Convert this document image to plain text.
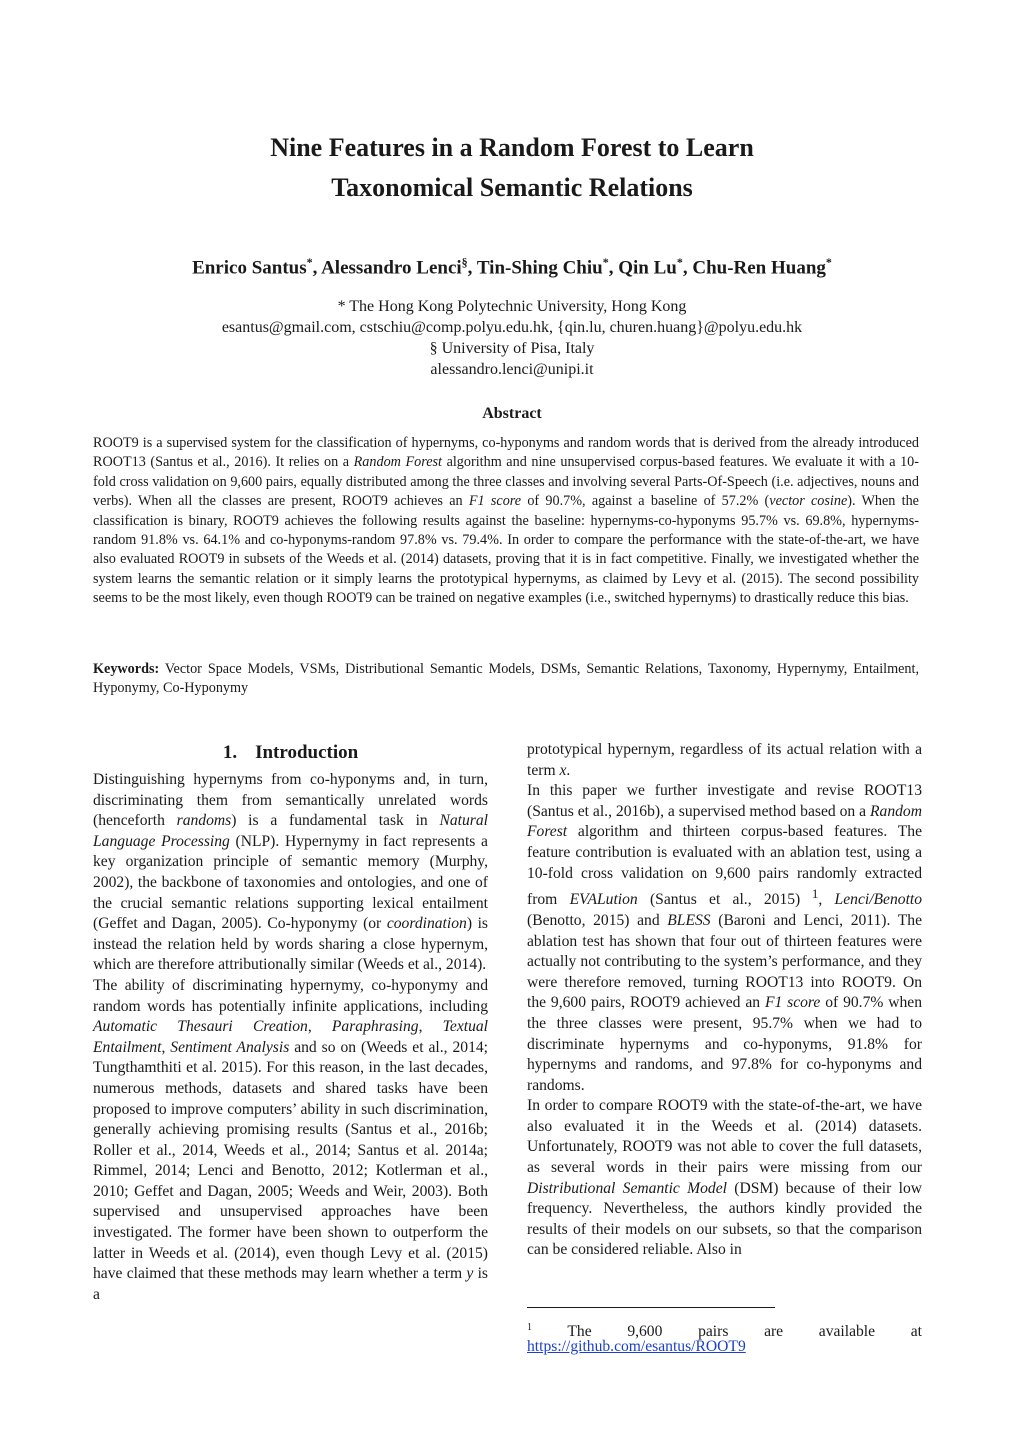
Nine Features in a Random Forest to Learn
Taxonomical Semantic Relations
Enrico Santus*, Alessandro Lenci§, Tin-Shing Chiu*, Qin Lu*, Chu-Ren Huang*
* The Hong Kong Polytechnic University, Hong Kong
esantus@gmail.com, cstschiu@comp.polyu.edu.hk, {qin.lu, churen.huang}@polyu.edu.hk
§ University of Pisa, Italy
alessandro.lenci@unipi.it
Abstract
ROOT9 is a supervised system for the classification of hypernyms, co-hyponyms and random words that is derived from the already introduced ROOT13 (Santus et al., 2016). It relies on a Random Forest algorithm and nine unsupervised corpus-based features. We evaluate it with a 10-fold cross validation on 9,600 pairs, equally distributed among the three classes and involving several Parts-Of-Speech (i.e. adjectives, nouns and verbs). When all the classes are present, ROOT9 achieves an F1 score of 90.7%, against a baseline of 57.2% (vector cosine). When the classification is binary, ROOT9 achieves the following results against the baseline: hypernyms-co-hyponyms 95.7% vs. 69.8%, hypernyms-random 91.8% vs. 64.1% and co-hyponyms-random 97.8% vs. 79.4%. In order to compare the performance with the state-of-the-art, we have also evaluated ROOT9 in subsets of the Weeds et al. (2014) datasets, proving that it is in fact competitive. Finally, we investigated whether the system learns the semantic relation or it simply learns the prototypical hypernyms, as claimed by Levy et al. (2015). The second possibility seems to be the most likely, even though ROOT9 can be trained on negative examples (i.e., switched hypernyms) to drastically reduce this bias.
Keywords: Vector Space Models, VSMs, Distributional Semantic Models, DSMs, Semantic Relations, Taxonomy, Hypernymy, Entailment, Hyponymy, Co-Hyponymy
1. Introduction

Distinguishing hypernyms from co-hyponyms and, in turn, discriminating them from semantically unrelated words (henceforth randoms) is a fundamental task in Natural Language Processing (NLP). Hypernymy in fact represents a key organization principle of semantic memory (Murphy, 2002), the backbone of taxonomies and ontologies, and one of the crucial semantic relations supporting lexical entailment (Geffet and Dagan, 2005). Co-hyponymy (or coordination) is instead the relation held by words sharing a close hypernym, which are therefore attributionally similar (Weeds et al., 2014).

The ability of discriminating hypernymy, co-hyponymy and random words has potentially infinite applications, including Automatic Thesauri Creation, Paraphrasing, Textual Entailment, Sentiment Analysis and so on (Weeds et al., 2014; Tungthamthiti et al. 2015). For this reason, in the last decades, numerous methods, datasets and shared tasks have been proposed to improve computers’ ability in such discrimination, generally achieving promising results (Santus et al., 2016b; Roller et al., 2014, Weeds et al., 2014; Santus et al. 2014a; Rimmel, 2014; Lenci and Benotto, 2012; Kotlerman et al., 2010; Geffet and Dagan, 2005; Weeds and Weir, 2003). Both supervised and unsupervised approaches have been investigated. The former have been shown to outperform the latter in Weeds et al. (2014), even though Levy et al. (2015) have claimed that these methods may learn whether a term y is a

prototypical hypernym, regardless of its actual relation with a term x.

In this paper we further investigate and revise ROOT13 (Santus et al., 2016b), a supervised method based on a Random Forest algorithm and thirteen corpus-based features. The feature contribution is evaluated with an ablation test, using a 10-fold cross validation on 9,600 pairs randomly extracted from EVALution (Santus et al., 2015) $^1$, Lenci/Benotto (Benotto, 2015) and BLESS (Baroni and Lenci, 2011). The ablation test has shown that four out of thirteen features were actually not contributing to the system’s performance, and they were therefore removed, turning ROOT13 into ROOT9. On the 9,600 pairs, ROOT9 achieved an F1 score of 90.7% when the three classes were present, 95.7% when we had to discriminate hypernyms and co-hyponyms, 91.8% for hypernyms and randoms, and 97.8% for co-hyponyms and randoms.

In order to compare ROOT9 with the state-of-the-art, we have also evaluated it in the Weeds et al. (2014) datasets. Unfortunately, ROOT9 was not able to cover the full datasets, as several words in their pairs were missing from our Distributional Semantic Model (DSM) because of their low frequency. Nevertheless, the authors kindly provided the results of their models on our subsets, so that the comparison can be considered reliable. Also in

$^1$ The 9,600 pairs are available at
https://github.com/esantus/ROOT9
